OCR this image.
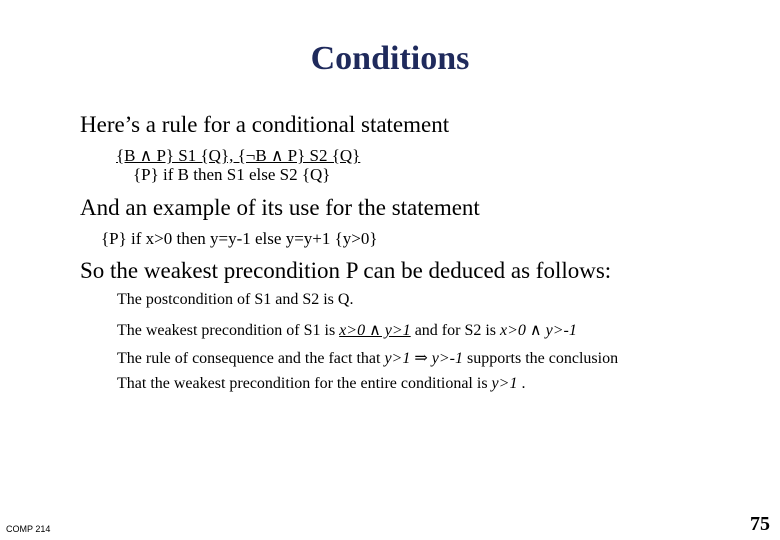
Conditions
Here’s a rule for a conditional statement
{B ∧ P} S1 {Q}, {¬B ∧ P} S2 {Q}
{P} if B then S1 else S2 {Q}
And an example of its use for the statement
{P} if x>0 then y=y-1 else y=y+1 {y>0}
So the weakest precondition P can be deduced as follows:
The postcondition of S1 and S2 is Q.
The weakest precondition of S1 is x>0 ∧ y>1 and for S2 is x>0 ∧ y>-1
The rule of consequence and the fact that y>1 ⇒ y>-1 supports the conclusion
That the weakest precondition for the entire conditional is y>1 .
COMP 214	75
